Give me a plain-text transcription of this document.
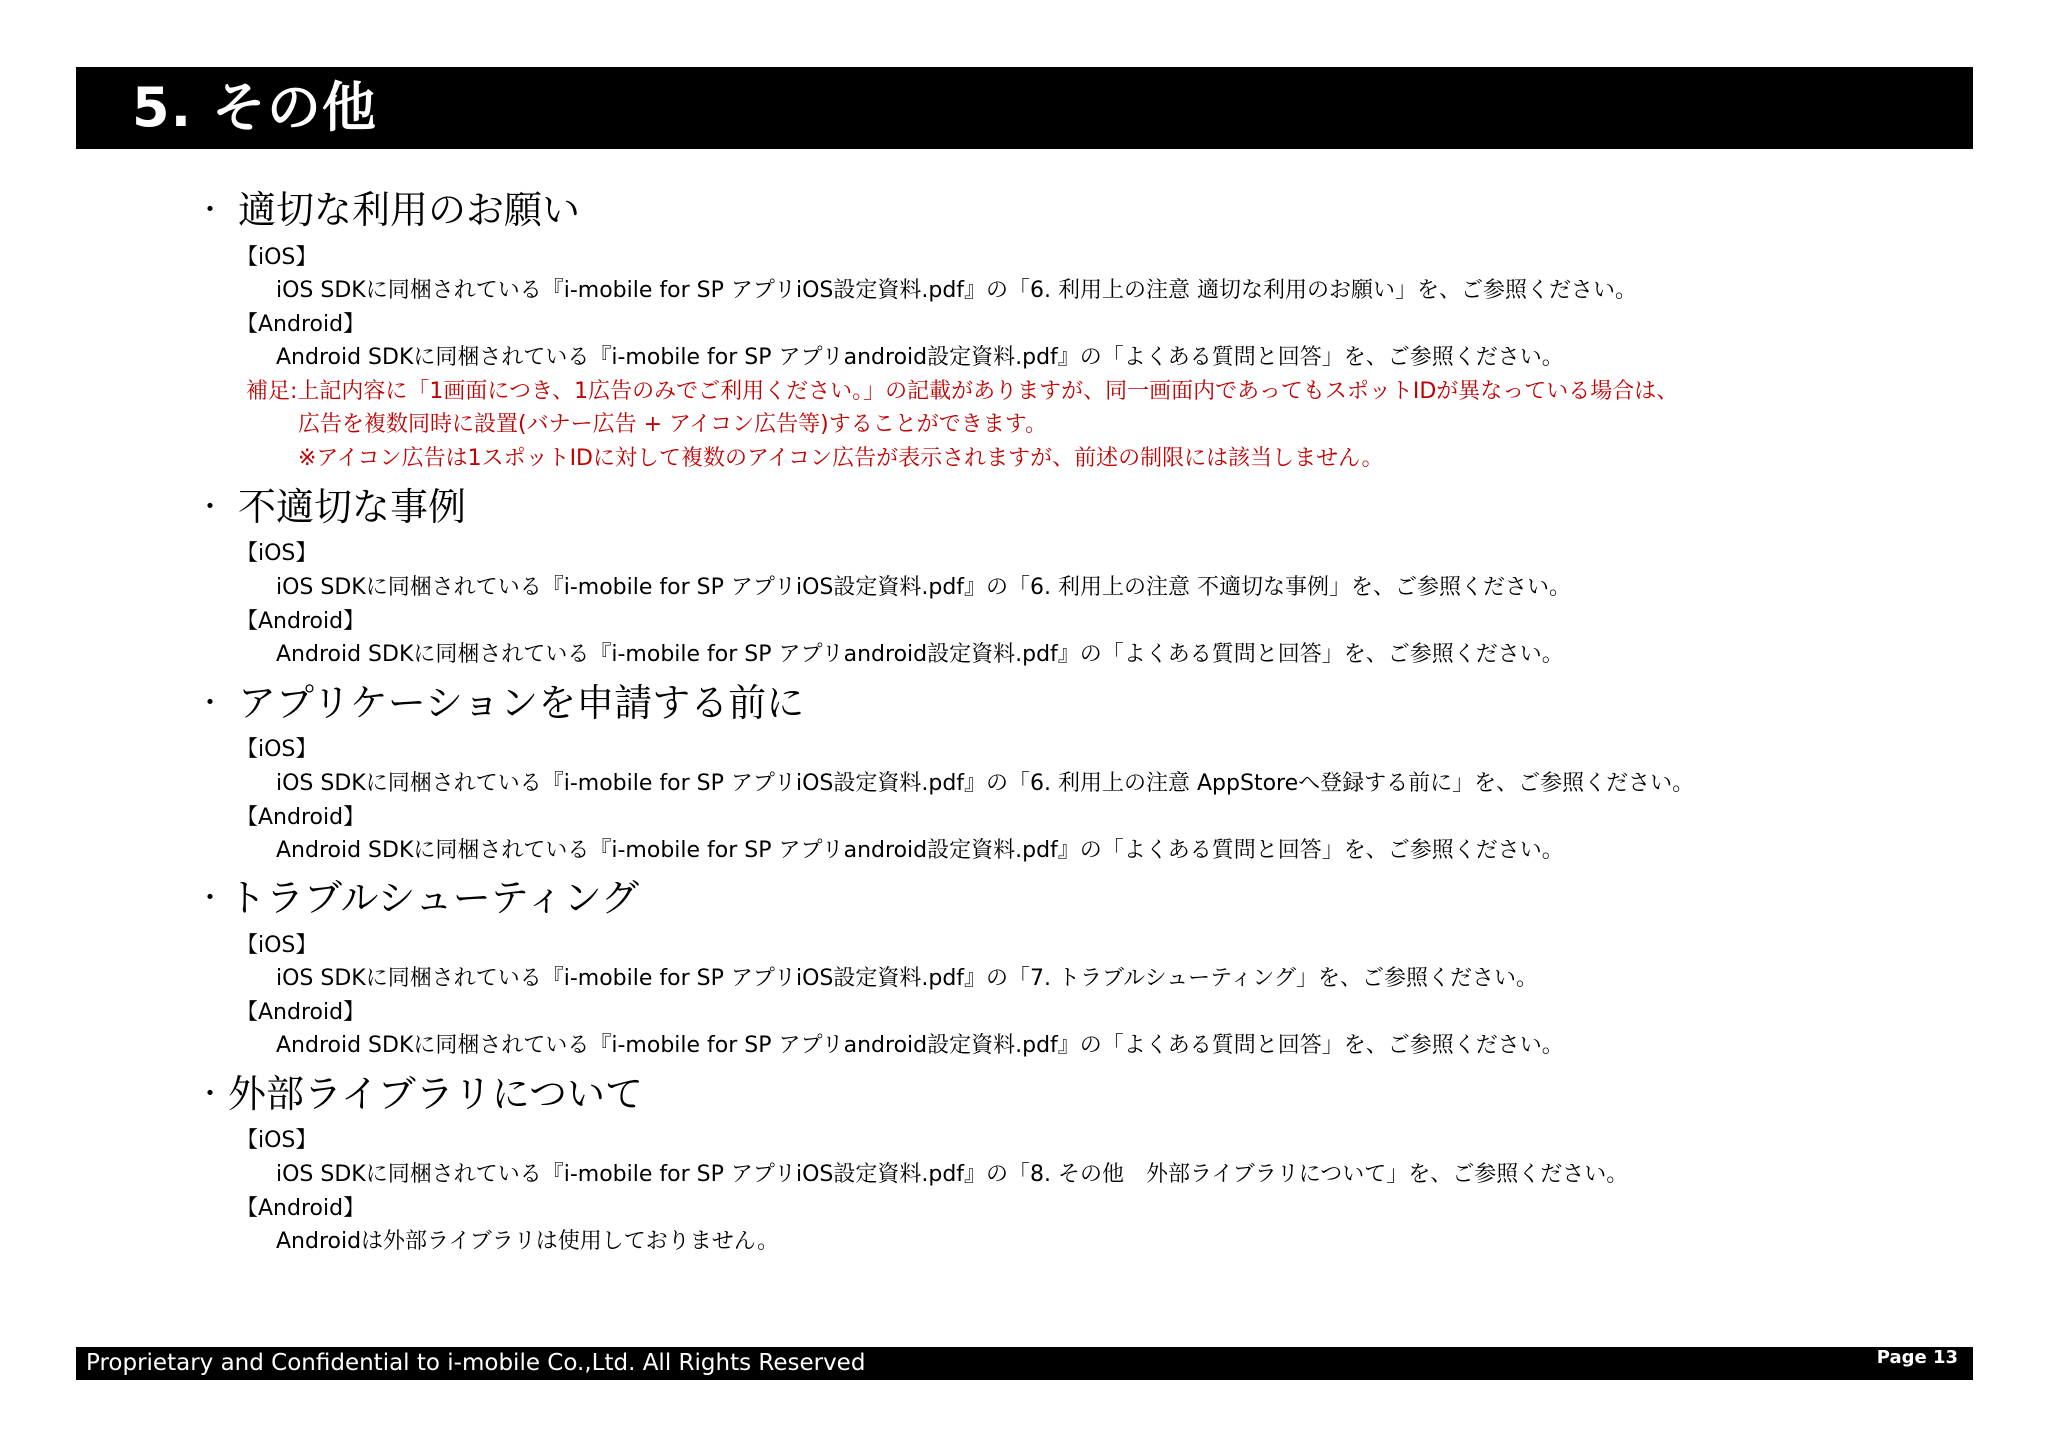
5. その他
・ 適切な利用のお願い
【iOS】
iOS SDKに同梱されている『i-mobile for SP アプリiOS設定資料.pdf』の「6. 利用上の注意 適切な利用のお願い」を、ご参照ください。
【Android】
Android SDKに同梱されている『i-mobile for SP アプリandroid設定資料.pdf』の「よくある質問と回答」を、ご参照ください。
補足:上記内容に「1画面につき、1広告のみでご利用ください。」の記載がありますが、同一画面内であってもスポットIDが異なっている場合は、
広告を複数同時に設置(バナー広告 + アイコン広告等)することができます。
※アイコン広告は1スポットIDに対して複数のアイコン広告が表示されますが、前述の制限には該当しません。
・ 不適切な事例
【iOS】
iOS SDKに同梱されている『i-mobile for SP アプリiOS設定資料.pdf』の「6. 利用上の注意 不適切な事例」を、ご参照ください。
【Android】
Android SDKに同梱されている『i-mobile for SP アプリandroid設定資料.pdf』の「よくある質問と回答」を、ご参照ください。
・ アプリケーションを申請する前に
【iOS】
iOS SDKに同梱されている『i-mobile for SP アプリiOS設定資料.pdf』の「6. 利用上の注意 AppStoreへ登録する前に」を、ご参照ください。
【Android】
Android SDKに同梱されている『i-mobile for SP アプリandroid設定資料.pdf』の「よくある質問と回答」を、ご参照ください。
・ トラブルシューティング
【iOS】
iOS SDKに同梱されている『i-mobile for SP アプリiOS設定資料.pdf』の「7. トラブルシューティング」を、ご参照ください。
【Android】
Android SDKに同梱されている『i-mobile for SP アプリandroid設定資料.pdf』の「よくある質問と回答」を、ご参照ください。
・ 外部ライブラリについて
【iOS】
iOS SDKに同梱されている『i-mobile for SP アプリiOS設定資料.pdf』の「8. その他　外部ライブラリについて」を、ご参照ください。
【Android】
Androidは外部ライブラリは使用しておりません。
Proprietary and Confidential to i-mobile Co.,Ltd. All Rights Reserved	Page 13
